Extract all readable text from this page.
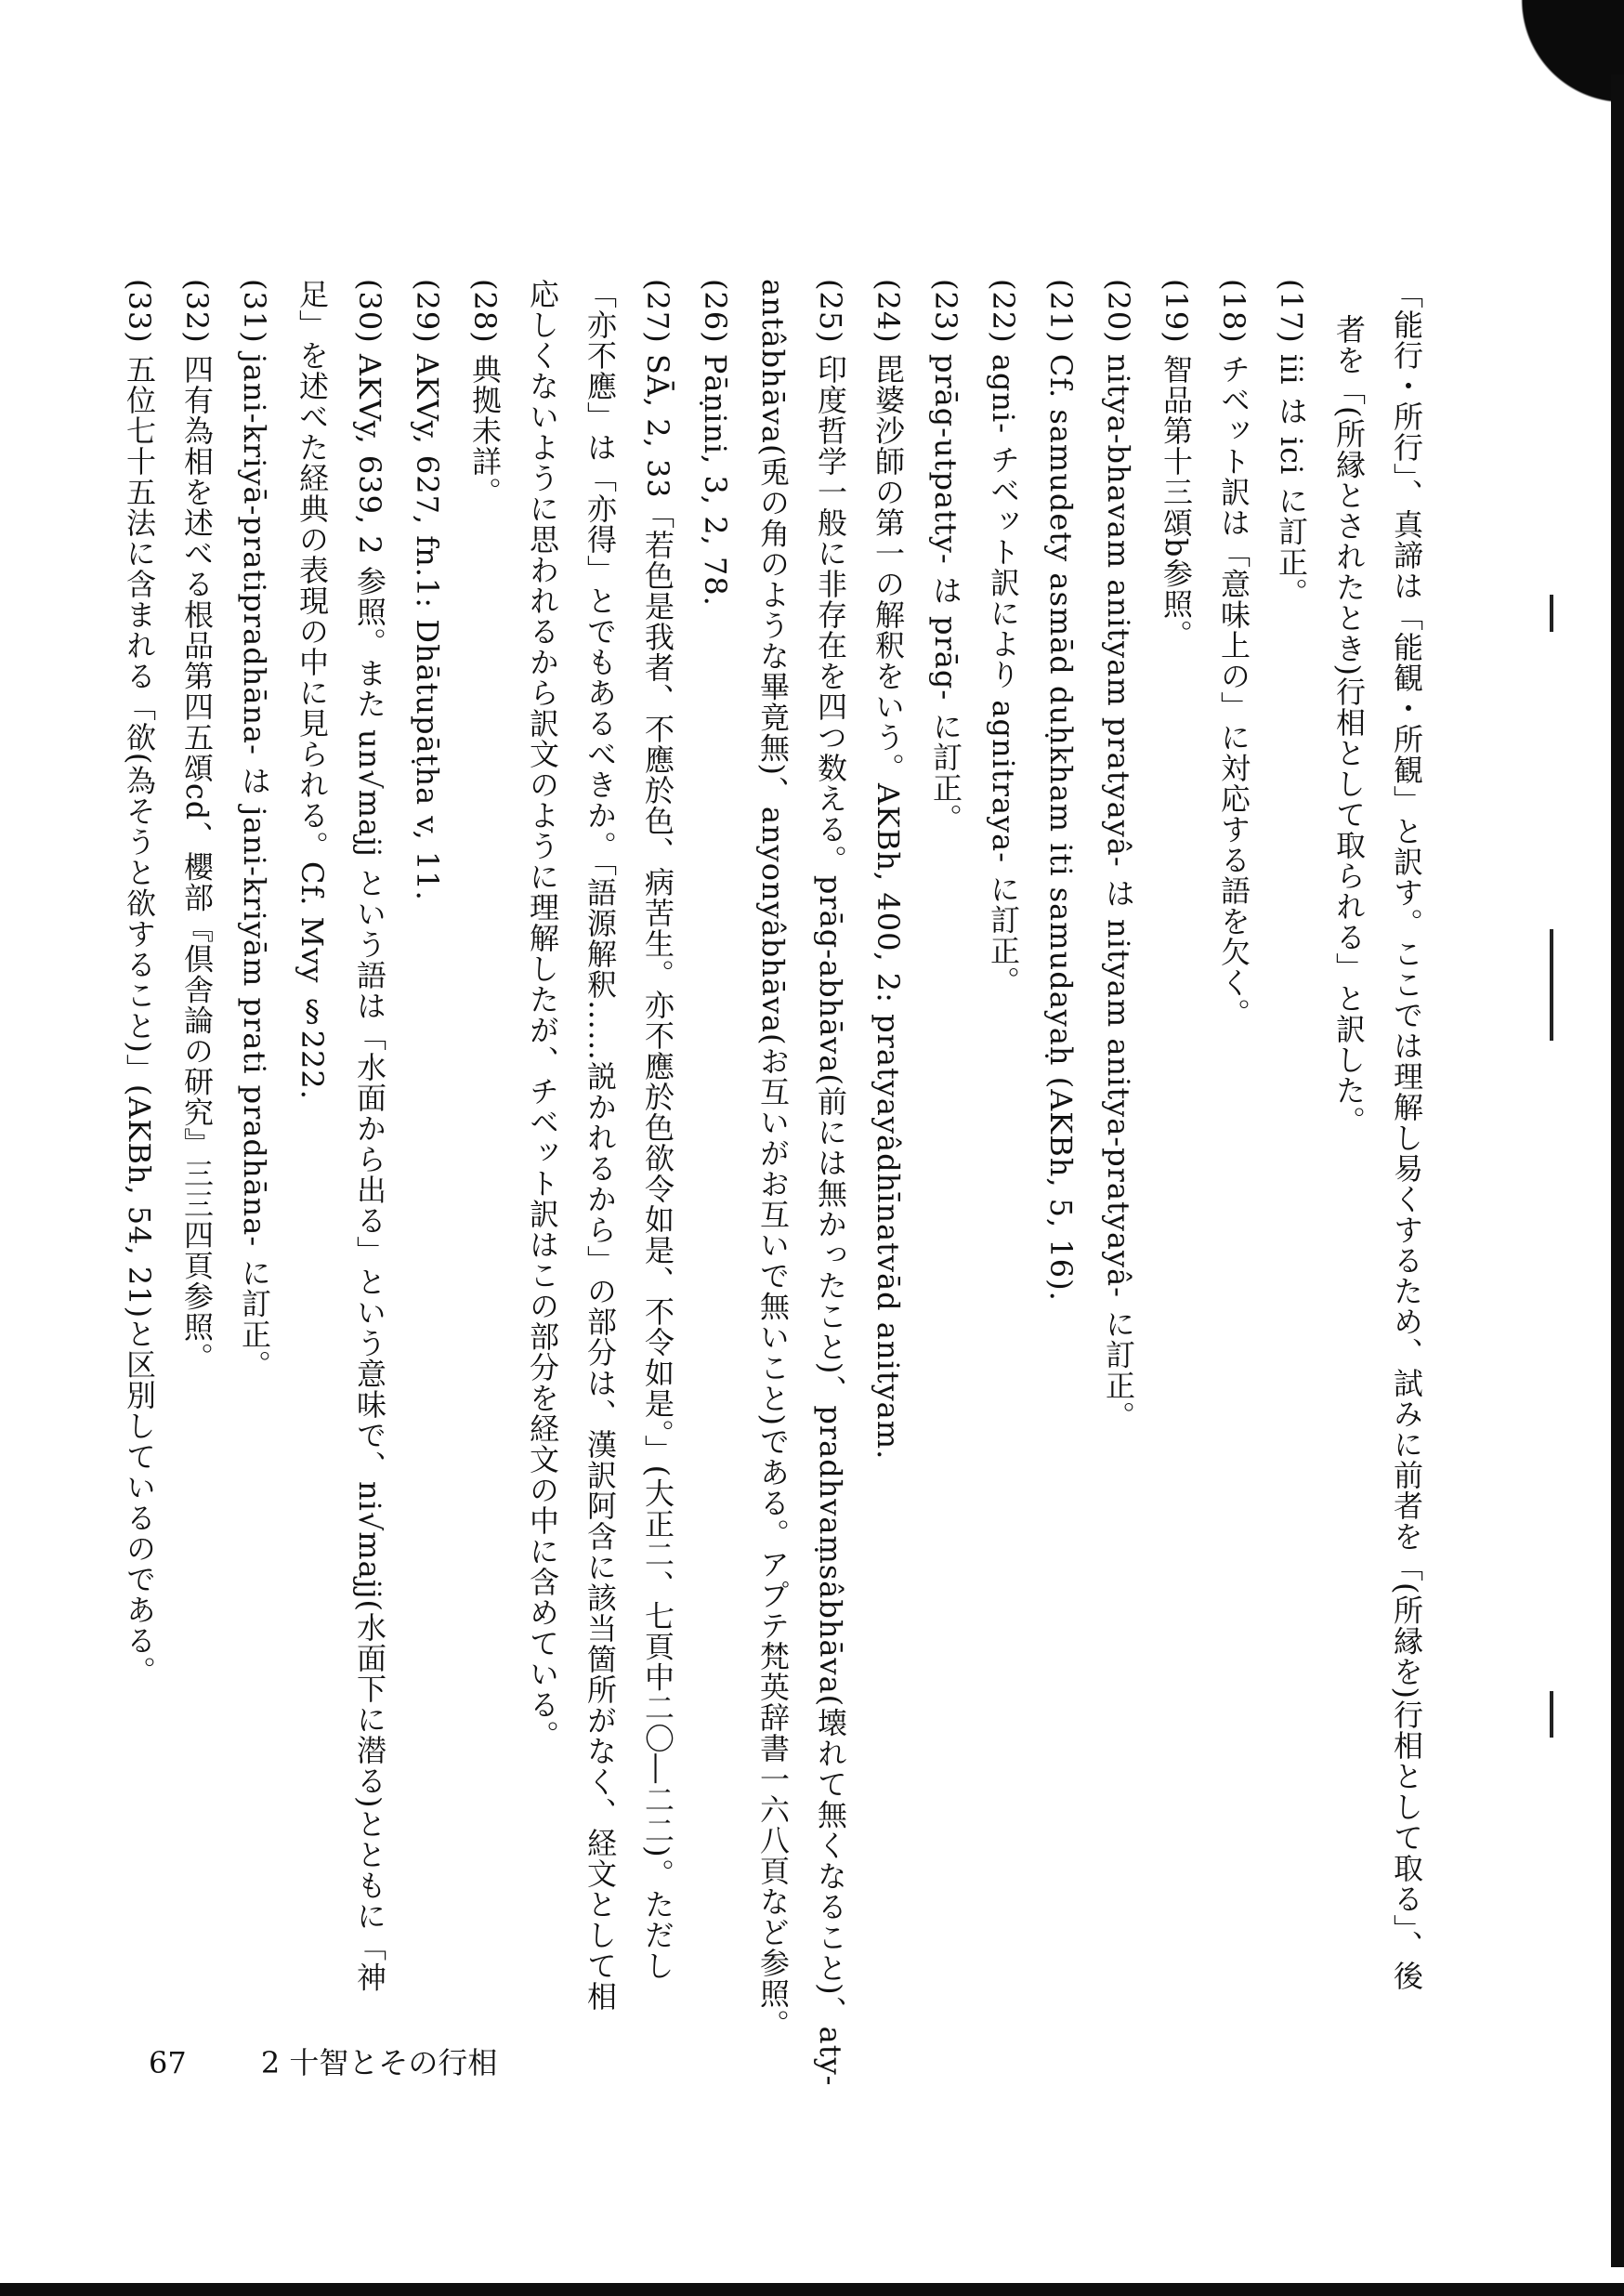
「能行・所行」、真諦は「能観・所観」と訳す。ここでは理解し易くするため、試みに前者を「(所縁を)行相として取る」、後
者を「(所縁とされたとき)行相として取られる」と訳した。
(17) iii は ici に訂正。
(18) チベット訳は「意味上の」に対応する語を欠く。
(19) 智品第十三頌b参照。
(20) nitya-bhavam anityam pratyayâ- は nityam anitya-pratyayâ- に訂正。
(21) Cf. samudety asmād duḥkham iti samudayaḥ (AKBh, 5, 16).
(22) agni- チベット訳により agnitraya- に訂正。
(23) prāg-utpatty- は prāg- に訂正。
(24) 毘婆沙師の第一の解釈をいう。AKBh, 400, 2: pratyayâdhīnatvād anityam.
(25) 印度哲学一般に非存在を四つ数える。prāg-abhāva(前には無かったこと)、pradhvaṃsâbhāva(壊れて無くなること)、aty-
antâbhāva(兎の角のような畢竟無)、anyonyâbhāva(お互いがお互いで無いこと)である。アプテ梵英辞書一六八頁など参照。
(26) Pāṇini, 3, 2, 78.
(27) SĀ, 2, 33「若色是我者、不應於色、病苦生。亦不應於色欲令如是、不令如是。」(大正二、七頁中二〇―二二)。ただし
「亦不應」は「亦得」とでもあるべきか。「語源解釈……説かれるから」の部分は、漢訳阿含に該当箇所がなく、経文として相
応しくないように思われるから訳文のように理解したが、チベット訳はこの部分を経文の中に含めている。
(28) 典拠未詳。
(29) AKVy, 627, fn.1: Dhātupāṭha v, 11.
(30) AKVy, 639, 2 参照。また un√majj という語は「水面から出る」という意味で、ni√majj(水面下に潜る)とともに「神
足」を述べた経典の表現の中に見られる。Cf. Mvy §222.
(31) jani-kriyā-pratipradhāna- は jani-kriyām prati pradhāna- に訂正。
(32) 四有為相を述べる根品第四五頌cd、櫻部『倶舎論の研究』三三四頁参照。
(33) 五位七十五法に含まれる「欲(為そうと欲すること)」(AKBh, 54, 21)と区別しているのである。
67	2 十智とその行相
